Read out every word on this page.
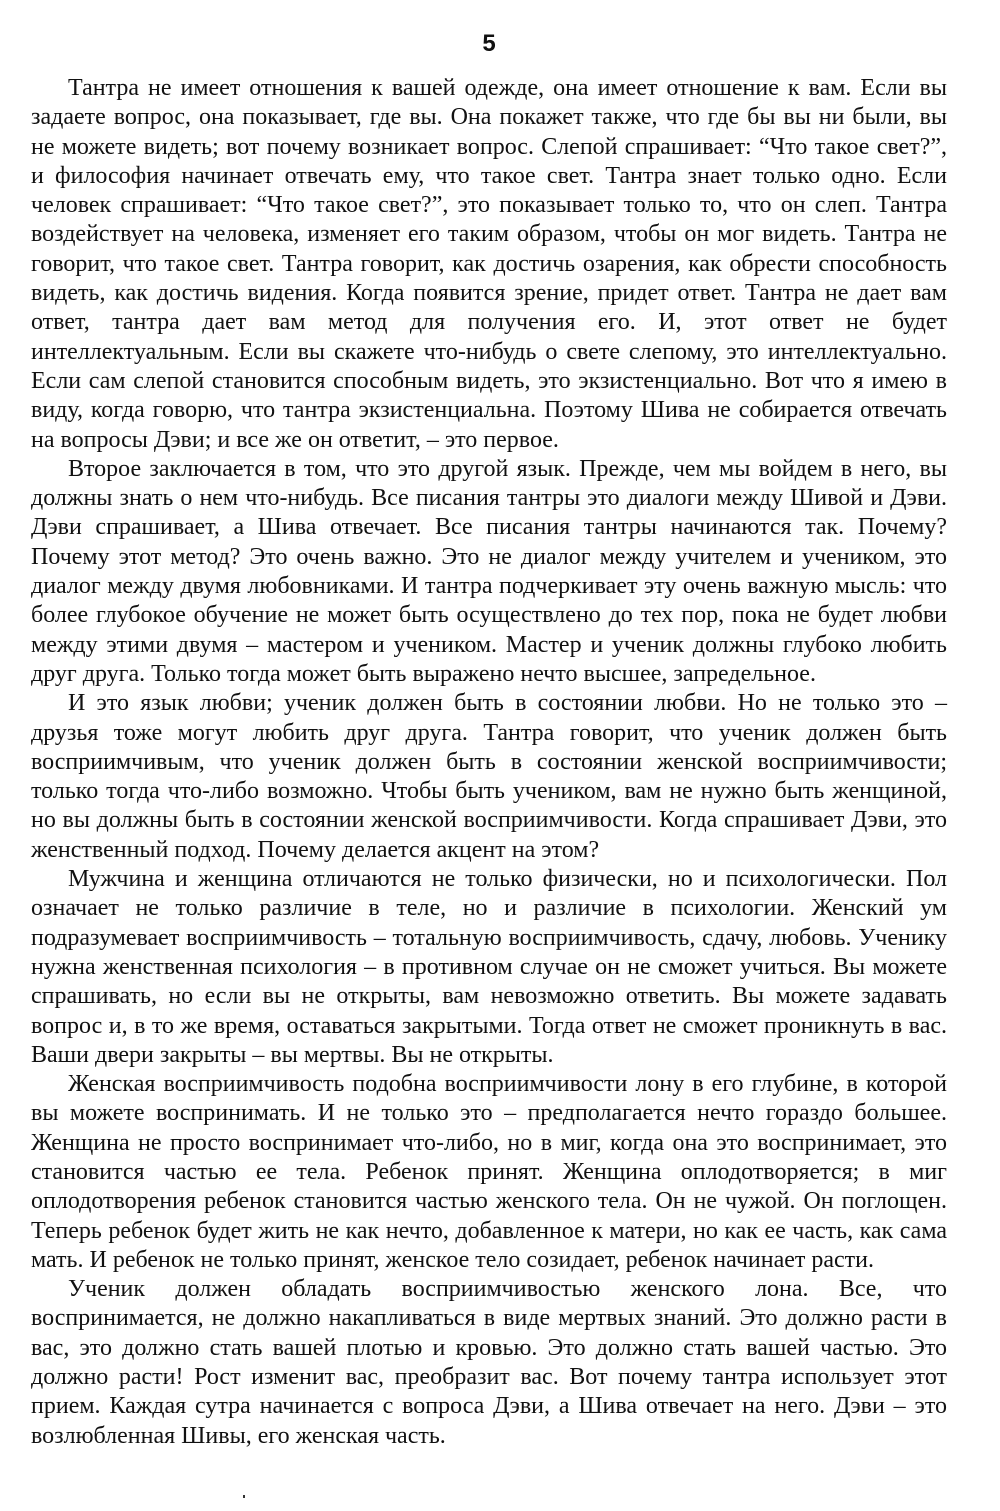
5

Тантра не имеет отношения к вашей одежде, она имеет отношение к вам. Если вы задаете вопрос, она показывает, где вы. Она покажет также, что где бы вы ни были, вы не можете видеть; вот почему возникает вопрос. Слепой спрашивает: “Что такое свет?”, и философия начинает отвечать ему, что такое свет. Тантра знает только одно. Если человек спрашивает: “Что такое свет?”, это показывает только то, что он слеп. Тантра воздействует на человека, изменяет его таким образом, чтобы он мог видеть. Тантра не говорит, что такое свет. Тантра говорит, как достичь озарения, как обрести способность видеть, как достичь видения. Когда появится зрение, придет ответ. Тантра не дает вам ответ, тантра дает вам метод для получения его. И, этот ответ не будет интеллектуальным. Если вы скажете что-нибудь о свете слепому, это интеллектуально. Если сам слепой становится способным видеть, это экзистенциально. Вот что я имею в виду, когда говорю, что тантра экзистенциальна. Поэтому Шива не собирается отвечать на вопросы Дэви; и все же он ответит, – это первое.

Второе заключается в том, что это другой язык. Прежде, чем мы войдем в него, вы должны знать о нем что-нибудь. Все писания тантры это диалоги между Шивой и Дэви. Дэви спрашивает, а Шива отвечает. Все писания тантры начинаются так. Почему? Почему этот метод? Это очень важно. Это не диалог между учителем и учеником, это диалог между двумя любовниками. И тантра подчеркивает эту очень важную мысль: что более глубокое обучение не может быть осуществлено до тех пор, пока не будет любви между этими двумя – мастером и учеником. Мастер и ученик должны глубоко любить друг друга. Только тогда может быть выражено нечто высшее, запредельное.

И это язык любви; ученик должен быть в состоянии любви. Но не только это – друзья тоже могут любить друг друга. Тантра говорит, что ученик должен быть восприимчивым, что ученик должен быть в состоянии женской восприимчивости; только тогда что-либо возможно. Чтобы быть учеником, вам не нужно быть женщиной, но вы должны быть в состоянии женской восприимчивости. Когда спрашивает Дэви, это женственный подход. Почему делается акцент на этом?

Мужчина и женщина отличаются не только физически, но и психологически. Пол означает не только различие в теле, но и различие в психологии. Женский ум подразумевает восприимчивость – тотальную восприимчивость, сдачу, любовь. Ученику нужна женственная психология – в противном случае он не сможет учиться. Вы можете спрашивать, но если вы не открыты, вам невозможно ответить. Вы можете задавать вопрос и, в то же время, оставаться закрытыми. Тогда ответ не сможет проникнуть в вас. Ваши двери закрыты – вы мертвы. Вы не открыты.

Женская восприимчивость подобна восприимчивости лону в его глубине, в которой вы можете воспринимать. И не только это – предполагается нечто гораздо большее. Женщина не просто воспринимает что-либо, но в миг, когда она это воспринимает, это становится частью ее тела. Ребенок принят. Женщина оплодотворяется; в миг оплодотворения ребенок становится частью женского тела. Он не чужой. Он поглощен. Теперь ребенок будет жить не как нечто, добавленное к матери, но как ее часть, как сама мать. И ребенок не только принят, женское тело созидает, ребенок начинает расти.

Ученик должен обладать восприимчивостью женского лона. Все, что воспринимается, не должно накапливаться в виде мертвых знаний. Это должно расти в вас, это должно стать вашей плотью и кровью. Это должно стать вашей частью. Это должно расти! Рост изменит вас, преобразит вас. Вот почему тантра использует этот прием. Каждая сутра начинается с вопроса Дэви, а Шива отвечает на него. Дэви – это возлюбленная Шивы, его женская часть.
